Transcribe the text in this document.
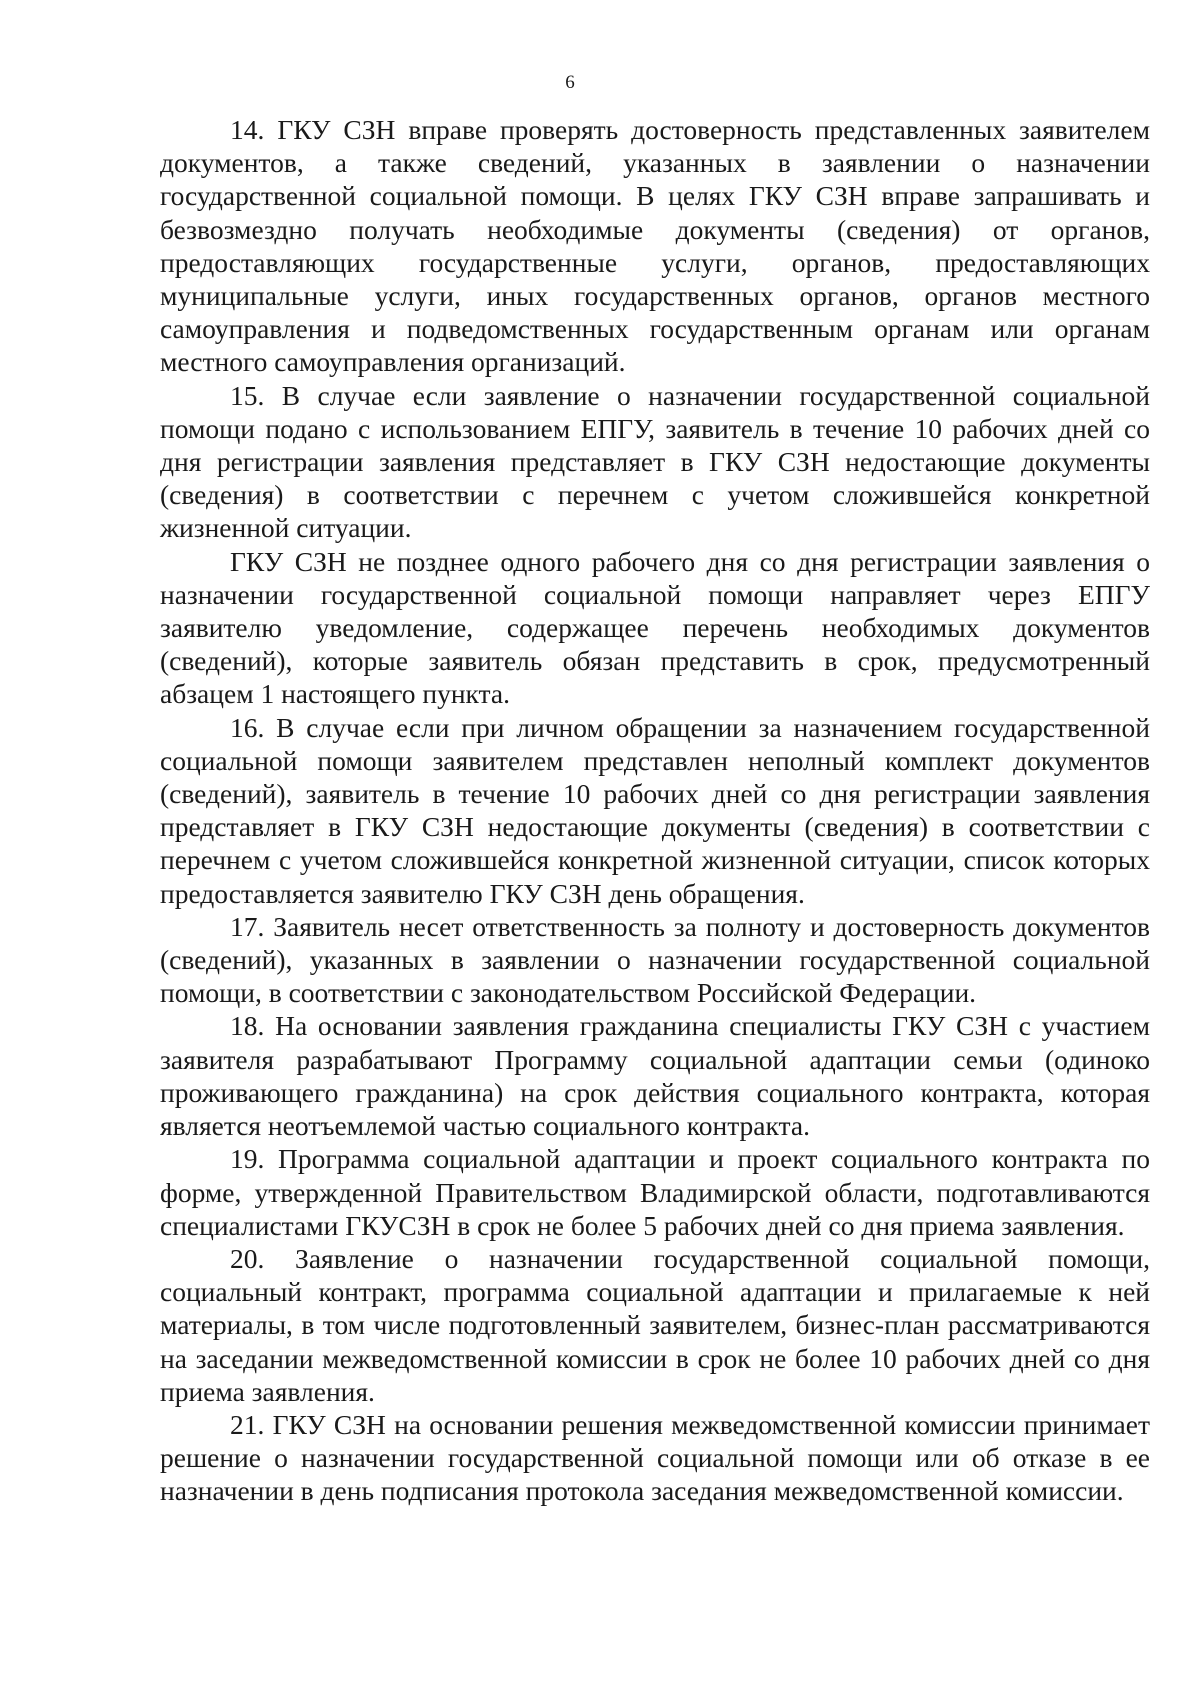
6

14. ГКУ СЗН вправе проверять достоверность представленных заявителем документов, а также сведений, указанных в заявлении о назначении государственной социальной помощи. В целях ГКУ СЗН вправе запрашивать и безвозмездно получать необходимые документы (сведения) от органов, предоставляющих государственные услуги, органов, предоставляющих муниципальные услуги, иных государственных органов, органов местного самоуправления и подведомственных государственным органам или органам местного самоуправления организаций.

15. В случае если заявление о назначении государственной социальной помощи подано с использованием ЕПГУ, заявитель в течение 10 рабочих дней со дня регистрации заявления представляет в ГКУ СЗН недостающие документы (сведения) в соответствии с перечнем с учетом сложившейся конкретной жизненной ситуации.

ГКУ СЗН не позднее одного рабочего дня со дня регистрации заявления о назначении государственной социальной помощи направляет через ЕПГУ заявителю уведомление, содержащее перечень необходимых документов (сведений), которые заявитель обязан представить в срок, предусмотренный абзацем 1 настоящего пункта.

16. В случае если при личном обращении за назначением государственной социальной помощи заявителем представлен неполный комплект документов (сведений), заявитель в течение 10 рабочих дней со дня регистрации заявления представляет в ГКУ СЗН недостающие документы (сведения) в соответствии с перечнем с учетом сложившейся конкретной жизненной ситуации, список которых предоставляется заявителю ГКУ СЗН день обращения.

17. Заявитель несет ответственность за полноту и достоверность документов (сведений), указанных в заявлении о назначении государственной социальной помощи, в соответствии с законодательством Российской Федерации.

18. На основании заявления гражданина специалисты ГКУ СЗН с участием заявителя разрабатывают Программу социальной адаптации семьи (одиноко проживающего гражданина) на срок действия социального контракта, которая является неотъемлемой частью социального контракта.

19. Программа социальной адаптации и проект социального контракта по форме, утвержденной Правительством Владимирской области, подготавливаются специалистами ГКУСЗН в срок не более 5 рабочих дней со дня приема заявления.

20. Заявление о назначении государственной социальной помощи, социальный контракт, программа социальной адаптации и прилагаемые к ней материалы, в том числе подготовленный заявителем, бизнес-план рассматриваются на заседании межведомственной комиссии в срок не более 10 рабочих дней со дня приема заявления.

21. ГКУ СЗН на основании решения межведомственной комиссии принимает решение о назначении государственной социальной помощи или об отказе в ее назначении в день подписания протокола заседания межведомственной комиссии.
